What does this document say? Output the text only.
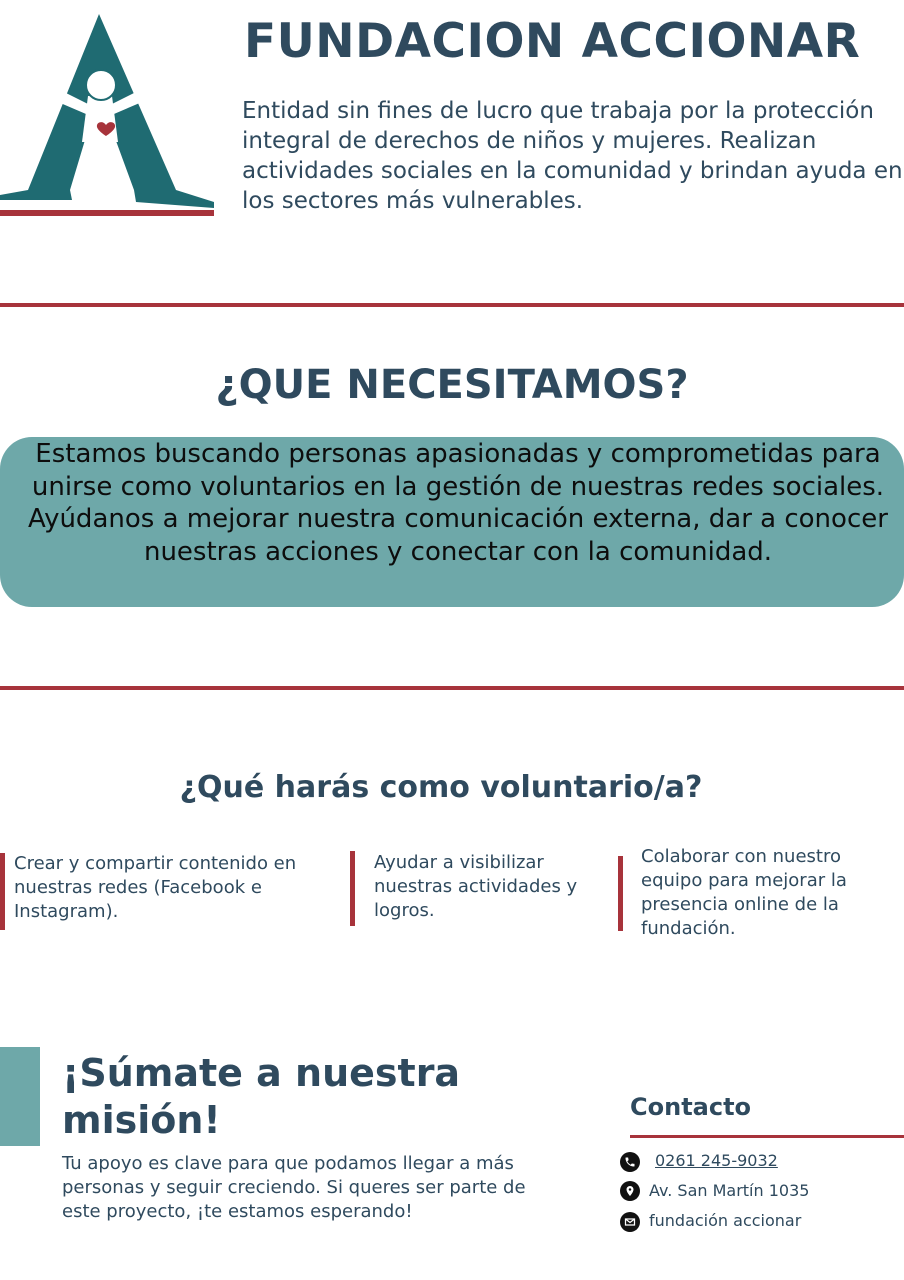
FUNDACION ACCIONAR

Entidad sin fines de lucro que trabaja por la protección integral de derechos de niños y mujeres. Realizan actividades sociales en la comunidad y brindan ayuda en los sectores más vulnerables.

¿QUE NECESITAMOS?

Estamos buscando personas apasionadas y comprometidas para unirse como voluntarios en la gestión de nuestras redes sociales. Ayúdanos a mejorar nuestra comunicación externa, dar a conocer nuestras acciones y conectar con la comunidad.

¿Qué harás como voluntario/a?

Crear y compartir contenido en nuestras redes (Facebook e Instagram).

Ayudar a visibilizar nuestras actividades y logros.

Colaborar con nuestro equipo para mejorar la presencia online de la fundación.

¡Súmate a nuestra misión!

Tu apoyo es clave para que podamos llegar a más personas y seguir creciendo. Si queres ser parte de este proyecto, ¡te estamos esperando!

Contacto

0261 245-9032

Av. San Martín 1035

fundación accionar
